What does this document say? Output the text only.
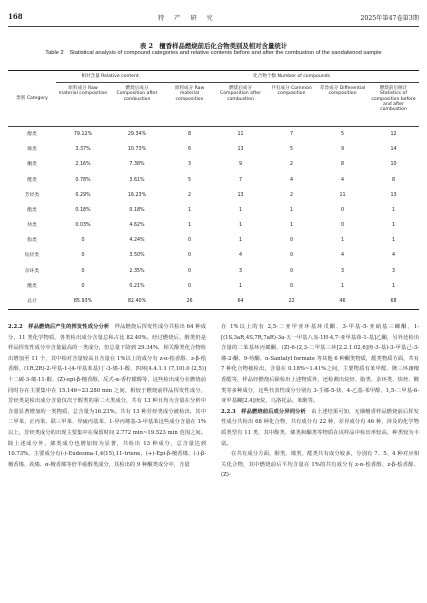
168	特产研究	2025年第47卷第3期
表 2　檀香样品燃烧前后化合物类别及相对含量统计
Table 2　Statistical analysis of compound categories and relative contents before and after the combustion of the sandalwood sample
类别 Category	相对含量 Relative content		化合物个数 Number of compounds				
	原料成分 Raw material composition	燃烧后成分 Composition after combustion	原料成分 Raw material composition	燃烧后成分 Composition after combustion	共有成分 Common composition	差异成分 Differential composition	燃烧前后统计 Statistics of composition before and after combustion
醇类	79.12%	29.34%	8	11	7	5	12
烯类	3.37%	10.73%	6	13	5	9	14
酮类	2.16%	7.38%	3	9	2	8	10
醛类	0.78%	3.61%	5	7	4	4	8
芳烃类	0.29%	16.23%	2	13	2	11	13
酯类	0.18%	0.18%	1	1	1	0	1
炔类	0.03%	4.62%	1	1	1	0	1
脂类	0	4.24%	0	1	0	1	1
烷烃类	0	3.50%	0	4	0	4	4
杂环类	0	2.35%	0	3	0	3	3
酸类	0	0.21%	0	1	0	1	1
总计	85.93%	82.40%	26	64	22	46	68

2.2.2　样品燃烧后产生的挥发性成分分析　 样品燃烧后挥发性成分共检出 64 种成分，11 类化学物质，各类检出成分含量总和占比 82.40%。经过燃烧后，醇类仍是样品挥发性成分中含量最高的一类成分，但总量下降到 29.34%，相关醇类化合物检出增加至 11 个，其中相对含量较高且含量在 1%以上的成分有 z-α-桧香醇、z-β-桧香醇、(1R,2R)-2-甲基-1-(4-甲基苯基)丁-3-烯-1-醇、四环[4.4.1.1 (7,10).0 (2,5)]十二碳-3-烯-11-醇、(Z)-epi-β-檀香醇，反式-α-香柠檬醇等，这些检出成分在燃烧前同时存在主要集中在 15.146~23.280 min 之间，相较于燃烧前样品挥发性成分，芳烃类是检出成分含量仅次于醇类的第二大类成分，共有 13 种且均为含量在分析中含量显著增加的一类物质，总含量为16.23%。共有 13 种芳烃类成分被检出，其中二甲苯、正丙苯、联三甲苯、异硫丙基苯、1-异丙烯基-3-甲基苯这些成分含量在 1%以上，芳烃类成分的出现主要集中在保留时间 2.772 min~19.523 min 范围之间。除上述成分外，烯类成分也增加较为显著，共检出 13 种成分，总含量达到 10.73%。主要成分有(-)-Eudesma-1,4(15),11-triene、(+)-Epi-β-檀香烯、(-)-β-檀香烯、莰烯、α-檀香烯等倍半萜醇类成分，其检出的 9 种酮类成分中，含量

在 1%以上的有 2,5-二亚甲亚环基环戊酮、3-甲基-5-亚硝基三螺酮、1-[(1S,3aR,4S,7R,7aR)-3a-五一甲基八氢-1H-4,7-亚甲基茚-1-基]乙酮，另外还检出含量的二苯基环丙烯酮、(Z)-6-(2,3-二甲基三环[2.2.1.02,6]庚-3-基)-3-甲基己-3-烯-2-酮、9-芴酮、α-Santalyl formate 等其他 6 种酮类物质，醛类物质方面，共有 7 种化合物被检出，含量在 0.18%~1.41%之间，主要物质有苯甲醛、隆三环庸檀香醛等，样品经燃烧后除检出上述物质外，还检测出烷烃、脂类、杂环类、炔烃、酸类等多种成分，这些代表性成分分别有 3-壬烯-5-炔、4-乙基-苯甲醇、1,5-二甲基-6-亚甲基螺[2.4]庚烷、乌洛托品、苯酚等。

2.2.3　样品燃烧前后成分异同分析　 由上述结果可知，无烟檀香样品燃烧前后挥发性成分共检出 68 种化合物，共有成分有 22 种，差异成分有 46 种，涉及的化学物质类型有 11 类，其中醇类、烯类和酮类等物质在该样品中检出率较高，种类较为丰富。

在共有成分方面，醇类、烯类、醛类共有成分较多，分别有 7、5、4 种对应相关化合物，其中燃烧前后平均含量在 1%的共有成分有 z-α-桧香醇、z-β-桧香醇、(Z)-
